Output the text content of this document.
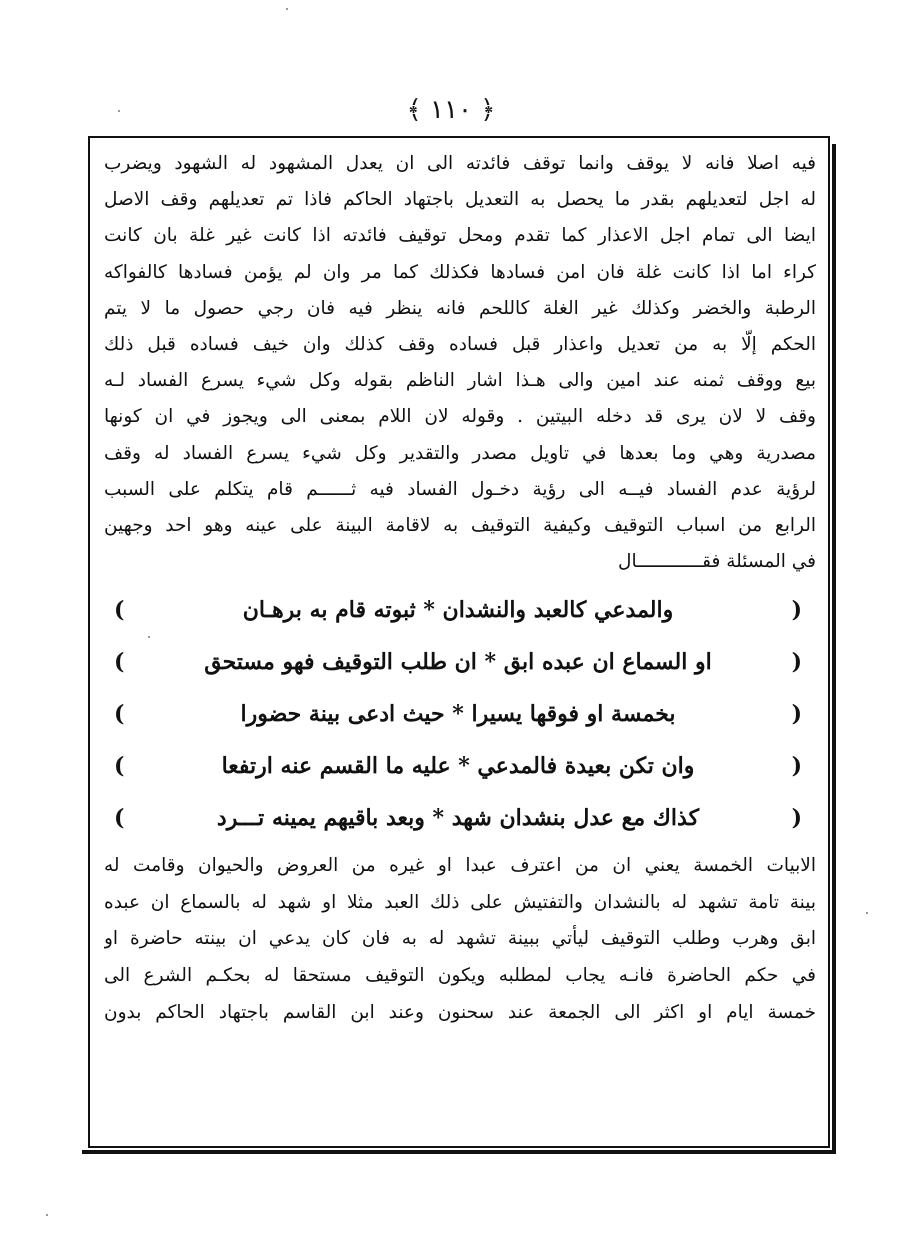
﴿ ١١٠ ﴾
فيه اصلا فانه لا يوقف وانما توقف فائدته الى ان يعدل المشهود له الشهود ويضرب
له اجل لتعديلهم بقدر ما يحصل به التعديل باجتهاد الحاكم فاذا تم تعديلهم وقف الاصل
ايضا الى تمام اجل الاعذار كما تقدم ومحل توقيف فائدته اذا كانت غير غلة بان كانت
كراء اما اذا كانت غلة فان امن فسادها فكذلك كما مر وان لم يؤمن فسادها كالفواكه
الرطبة والخضر وكذلك غير الغلة كاللحم فانه ينظر فيه فان رجي حصول ما لا يتم
الحكم إلّا به من تعديل واعذار قبل فساده وقف كذلك وان خيف فساده قبل ذلك
بيع ووقف ثمنه عند امين والى هـذا اشار الناظم بقوله وكل شيء يسرع الفساد لـه
وقف لا لان يرى قد دخله البيتين . وقوله لان اللام بمعنى الى ويجوز في ان كونها
مصدرية وهي وما بعدها في تاويل مصدر والتقدير وكل شيء يسرع الفساد له وقف
لرؤية عدم الفساد فيــه الى رؤية دخـول الفساد فيه ثــــــم قام يتكلم على السبب
الرابع من اسباب التوقيف وكيفية التوقيف به لاقامة البينة على عينه وهو احد وجهين
في المسئلة فقــــــــــــال
(
والمدعي كالعبد والنشدان * ثبوته قام به برهـان
)
(
او السماع ان عبده ابق * ان طلب التوقيف فهو مستحق
)
(
بخمسة او فوقها يسيرا * حيث ادعى بينة حضورا
)
(
وان تكن بعيدة فالمدعي * عليه ما القسم عنه ارتفعا
)
(
كذاك مع عدل بنشدان شهد * وبعد باقيهم يمينه تـــرد
)
الابيات الخمسة يعني ان من اعترف عبدا او غيره من العروض والحيوان وقامت له
بينة تامة تشهد له بالنشدان والتفتيش على ذلك العبد مثلا او شهد له بالسماع ان عبده
ابق وهرب وطلب التوقيف ليأتي ببينة تشهد له به فان كان يدعي ان بينته حاضرة او
في حكم الحاضرة فانـه يجاب لمطلبه ويكون التوقيف مستحقا له بحكـم الشرع الى
خمسة ايام او اكثر الى الجمعة عند سحنون وعند ابن القاسم باجتهاد الحاكم بدون
